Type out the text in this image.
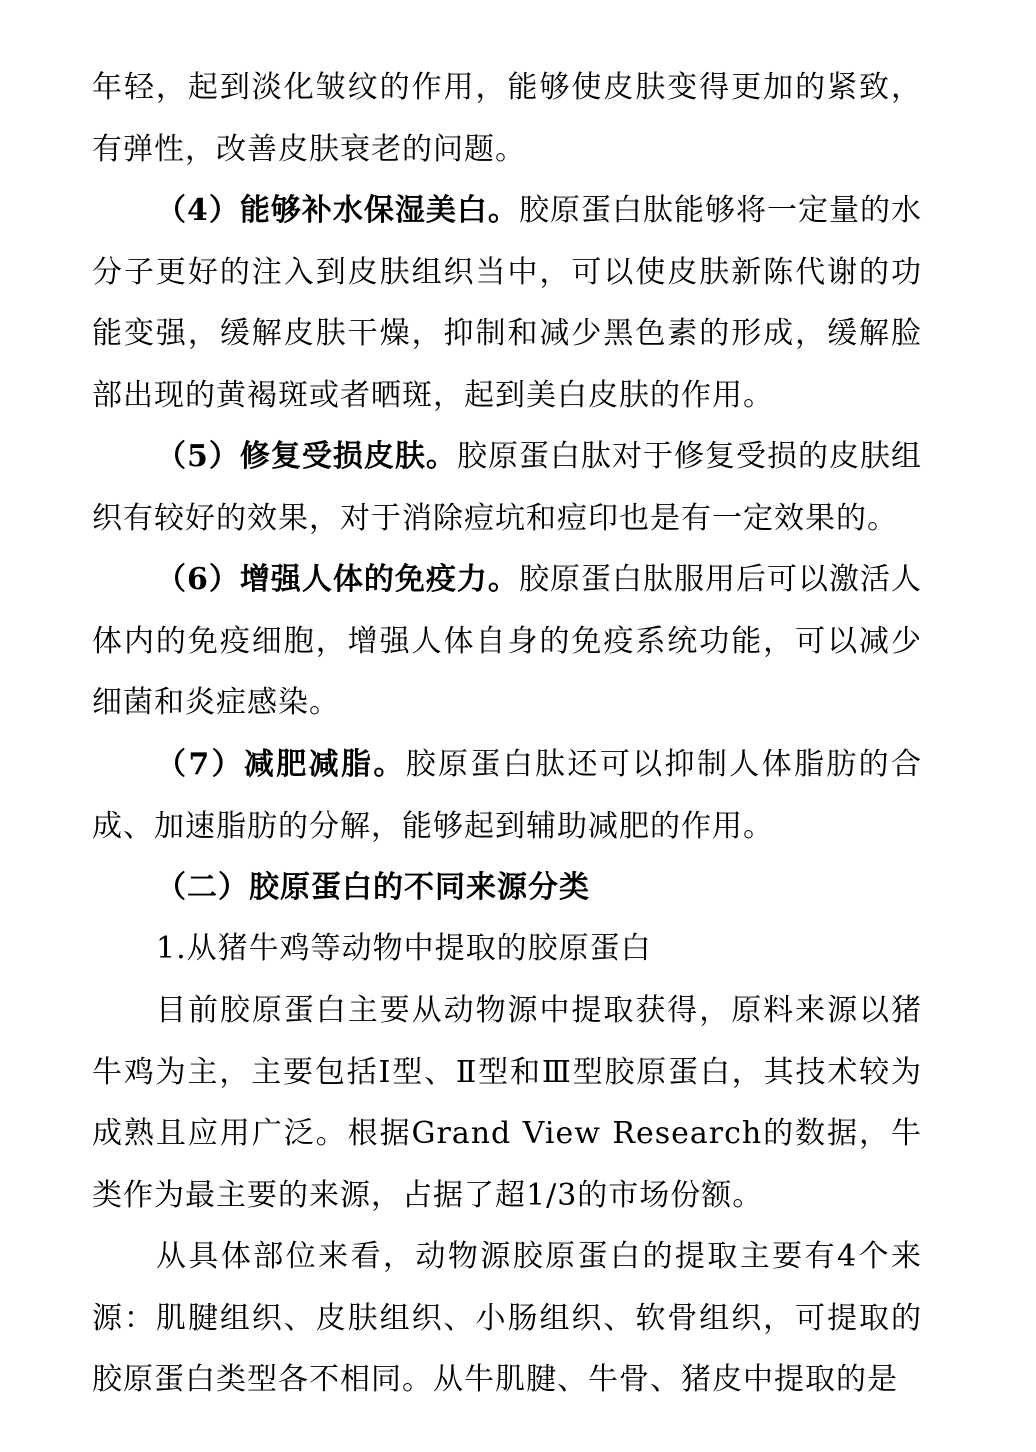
年轻，起到淡化皱纹的作用，能够使皮肤变得更加的紧致，有弹性，改善皮肤衰老的问题。

（4）能够补水保湿美白。胶原蛋白肽能够将一定量的水分子更好的注入到皮肤组织当中，可以使皮肤新陈代谢的功能变强，缓解皮肤干燥，抑制和减少黑色素的形成，缓解脸部出现的黄褐斑或者晒斑，起到美白皮肤的作用。

（5）修复受损皮肤。胶原蛋白肽对于修复受损的皮肤组织有较好的效果，对于消除痘坑和痘印也是有一定效果的。

（6）增强人体的免疫力。胶原蛋白肽服用后可以激活人体内的免疫细胞，增强人体自身的免疫系统功能，可以减少细菌和炎症感染。

（7）减肥减脂。胶原蛋白肽还可以抑制人体脂肪的合成、加速脂肪的分解，能够起到辅助减肥的作用。

（二）胶原蛋白的不同来源分类

1.从猪牛鸡等动物中提取的胶原蛋白

目前胶原蛋白主要从动物源中提取获得，原料来源以猪牛鸡为主，主要包括Ⅰ型、Ⅱ型和Ⅲ型胶原蛋白，其技术较为成熟且应用广泛。根据Grand View Research的数据，牛类作为最主要的来源，占据了超1/3的市场份额。

从具体部位来看，动物源胶原蛋白的提取主要有4个来源：肌腱组织、皮肤组织、小肠组织、软骨组织，可提取的胶原蛋白类型各不相同。从牛肌腱、牛骨、猪皮中提取的是
